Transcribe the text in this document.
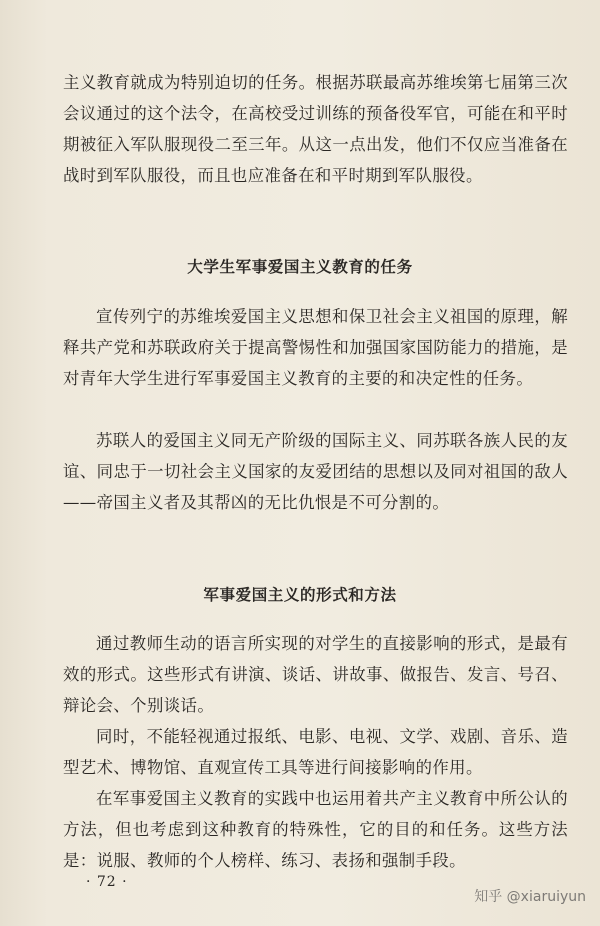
主义教育就成为特别迫切的任务。根据苏联最高苏维埃第七届第三次会议通过的这个法令，在高校受过训练的预备役军官，可能在和平时期被征入军队服现役二至三年。从这一点出发，他们不仅应当准备在战时到军队服役，而且也应准备在和平时期到军队服役。

大学生军事爱国主义教育的任务

宣传列宁的苏维埃爱国主义思想和保卫社会主义祖国的原理，解释共产党和苏联政府关于提高警惕性和加强国家国防能力的措施，是对青年大学生进行军事爱国主义教育的主要的和决定性的任务。

苏联人的爱国主义同无产阶级的国际主义、同苏联各族人民的友谊、同忠于一切社会主义国家的友爱团结的思想以及同对祖国的敌人——帝国主义者及其帮凶的无比仇恨是不可分割的。

军事爱国主义的形式和方法

通过教师生动的语言所实现的对学生的直接影响的形式，是最有效的形式。这些形式有讲演、谈话、讲故事、做报告、发言、号召、辩论会、个别谈话。

同时，不能轻视通过报纸、电影、电视、文学、戏剧、音乐、造型艺术、博物馆、直观宣传工具等进行间接影响的作用。

在军事爱国主义教育的实践中也运用着共产主义教育中所公认的方法，但也考虑到这种教育的特殊性，它的目的和任务。这些方法是：说服、教师的个人榜样、练习、表扬和强制手段。

· 72 ·
知乎 @xiaruiyun
